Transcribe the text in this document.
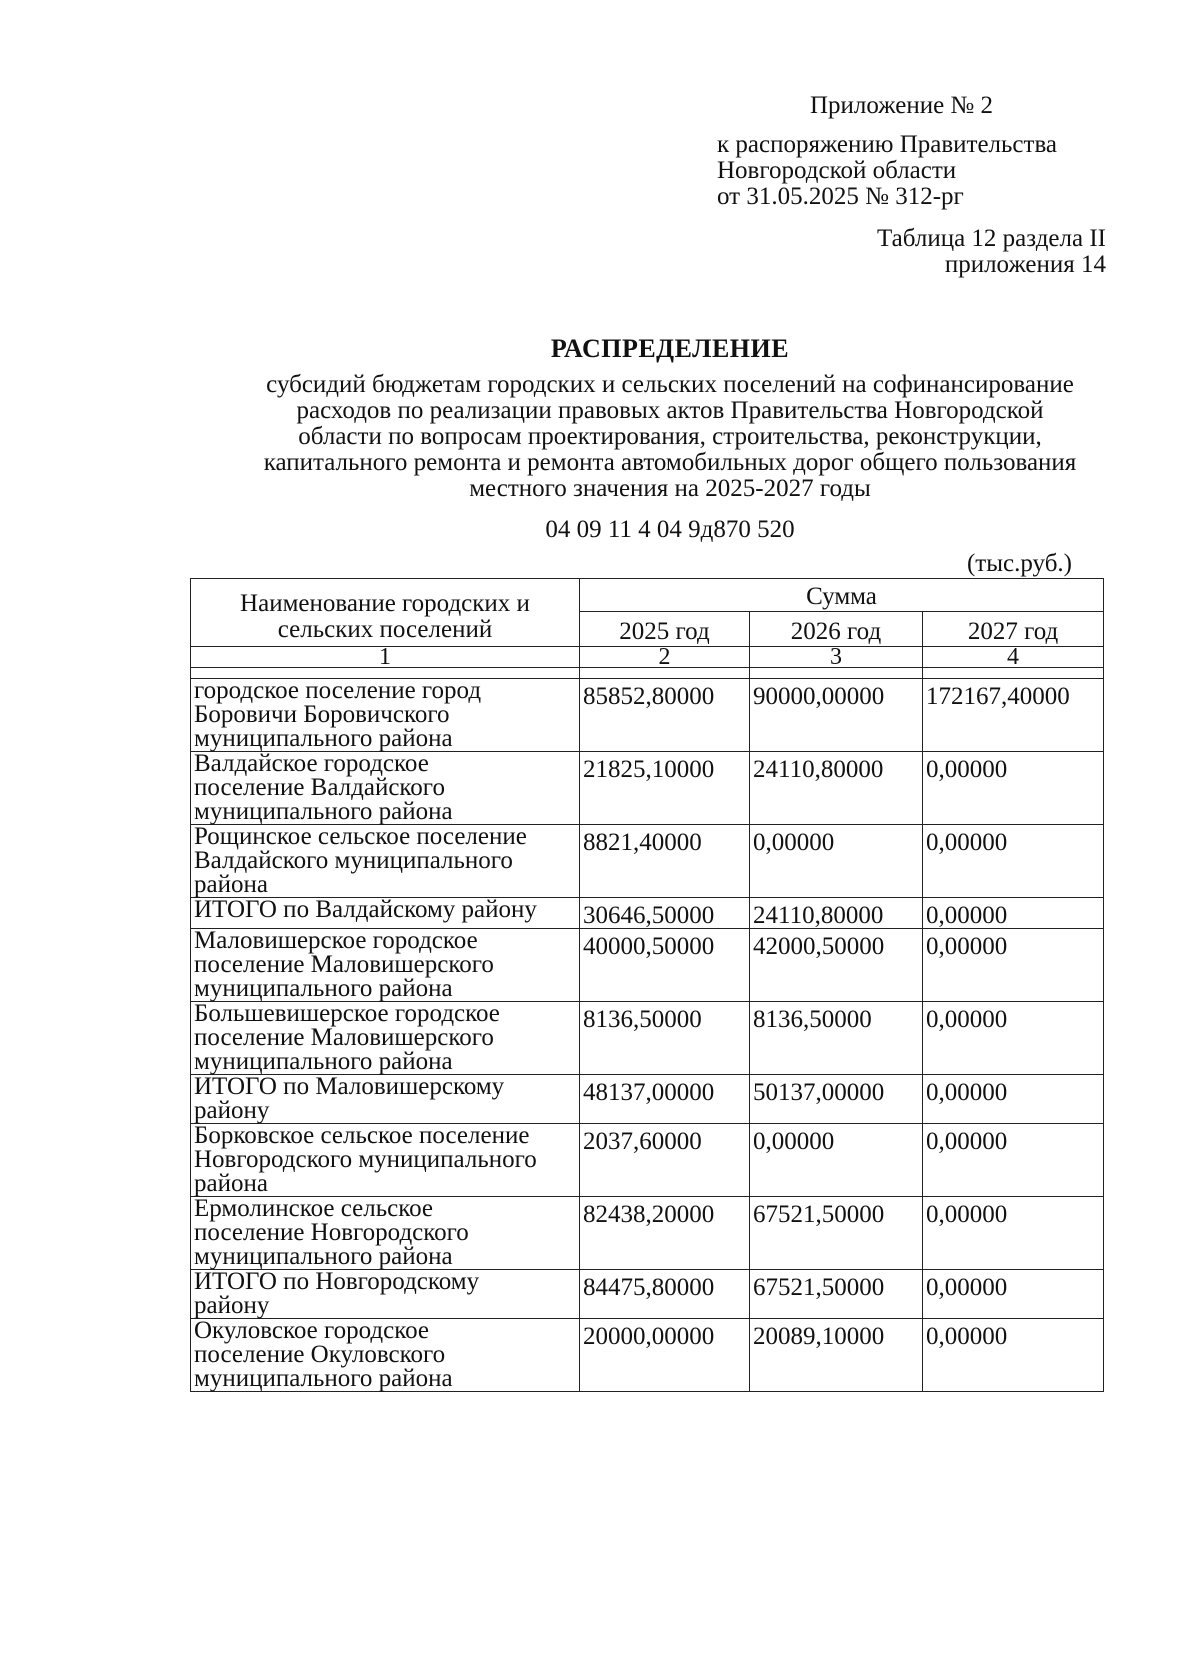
Приложение № 2
к распоряжению Правительства
Новгородской области
от 31.05.2025 № 312-рг
Таблица 12 раздела II
приложения 14
РАСПРЕДЕЛЕНИЕ
субсидий бюджетам городских и сельских поселений на софинансирование
расходов по реализации правовых актов Правительства Новгородской
области по вопросам проектирования, строительства, реконструкции,
капитального ремонта и ремонта автомобильных дорог общего пользования
местного значения на 2025-2027 годы
04 09 11 4 04 9д870 520
(тыс.руб.)
Наименование городских и
сельских поселений	Сумма		
	2025 год	2026 год	2027 год
1	2	3	4

городское поселение город
Боровичи Боровичского
муниципального района	85852,80000	90000,00000	172167,40000

Валдайское городское
поселение Валдайского
муниципального района	21825,10000	24110,80000	0,00000

Рощинское сельское поселение
Валдайского муниципального
района	8821,40000	0,00000	0,00000

ИТОГО по Валдайскому району	30646,50000	24110,80000	0,00000

Маловишерское городское
поселение Маловишерского
муниципального района	40000,50000	42000,50000	0,00000

Большевишерское городское
поселение Маловишерского
муниципального района	8136,50000	8136,50000	0,00000

ИТОГО по Маловишерскому
району	48137,00000	50137,00000	0,00000

Борковское сельское поселение
Новгородского муниципального
района	2037,60000	0,00000	0,00000

Ермолинское сельское
поселение Новгородского
муниципального района	82438,20000	67521,50000	0,00000

ИТОГО по Новгородскому
району	84475,80000	67521,50000	0,00000

Окуловское городское
поселение Окуловского
муниципального района	20000,00000	20089,10000	0,00000
